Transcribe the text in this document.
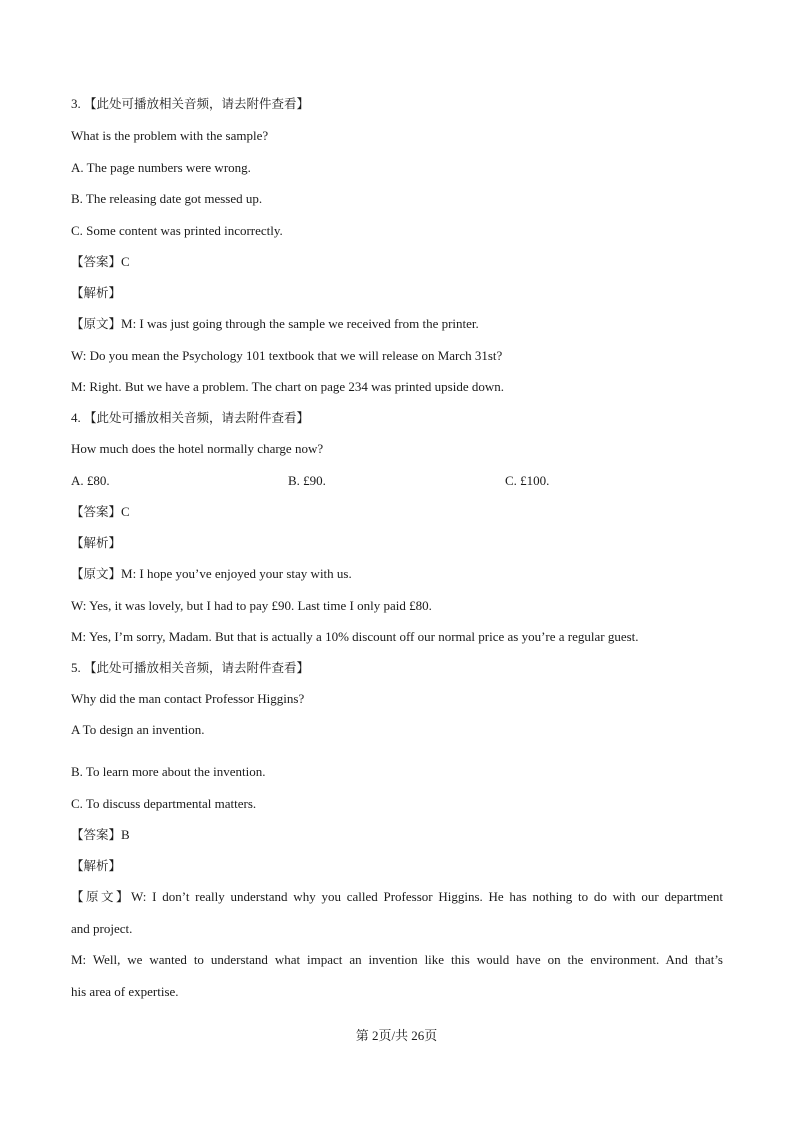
3. 【此处可播放相关音频，请去附件查看】
What is the problem with the sample?
A. The page numbers were wrong.
B. The releasing date got messed up.
C. Some content was printed incorrectly.
【答案】C
【解析】
【原文】M: I was just going through the sample we received from the printer.
W: Do you mean the Psychology 101 textbook that we will release on March 31st?
M: Right. But we have a problem. The chart on page 234 was printed upside down.
4. 【此处可播放相关音频，请去附件查看】
How much does the hotel normally charge now?
A. £80.	B. £90.	C. £100.
【答案】C
【解析】
【原文】M: I hope you’ve enjoyed your stay with us.
W: Yes, it was lovely, but I had to pay £90. Last time I only paid £80.
M: Yes, I’m sorry, Madam. But that is actually a 10% discount off our normal price as you’re a regular guest.
5. 【此处可播放相关音频，请去附件查看】
Why did the man contact Professor Higgins?
A To design an invention.
B. To learn more about the invention.
C. To discuss departmental matters.
【答案】B
【解析】
【原文】W: I don’t really understand why you called Professor Higgins. He has nothing to do with our department
and project.
M: Well, we wanted to understand what impact an invention like this would have on the environment. And that’s
his area of expertise.
第 2页/共 26页
